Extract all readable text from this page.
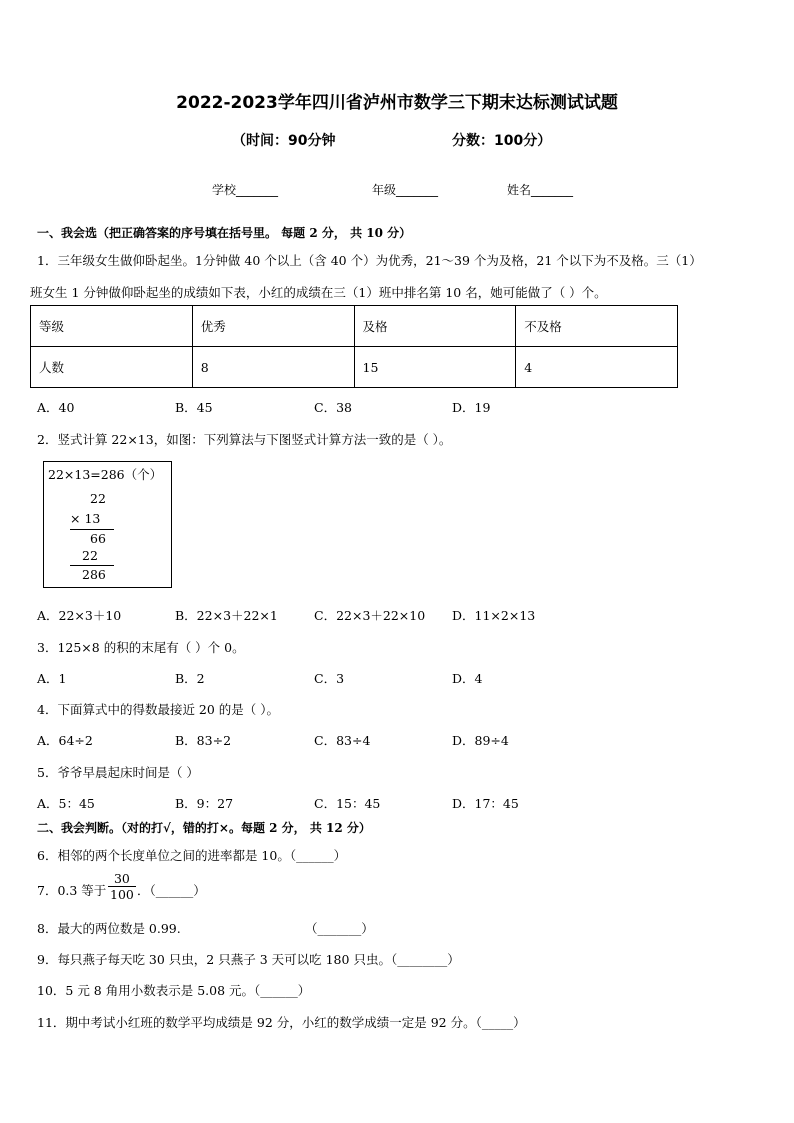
2022-2023学年四川省泸州市数学三下期末达标测试试题
（时间：90分钟	分数：100分）
学校_______	年级_______	姓名_______
一、我会选（把正确答案的序号填在括号里。 每题 2 分， 共 10 分）
1．三年级女生做仰卧起坐。1分钟做 40 个以上（含 40 个）为优秀，21～39 个为及格，21 个以下为不及格。三（1）
班女生 1 分钟做仰卧起坐的成绩如下表，小红的成绩在三（1）班中排名第 10 名，她可能做了（ ）个。
等级	优秀	及格	不及格
人数	8	15	4
A．40	B．45	C．38	D．19
2．竖式计算 22×13，如图：下列算法与下图竖式计算方法一致的是（ ）。
22×13=286（个）
22
× 13
66
22
286
A．22×3＋10	B．22×3＋22×1	C．22×3＋22×10 D．11×2×13
3．125×8 的积的末尾有（ ）个 0。
A．1	B．2	C．3	D．4
4．下面算式中的得数最接近 20 的是（ ）。
A．64÷2	B．83÷2	C．83÷4	D．89÷4
5．爷爷早晨起床时间是（ ）
A．5：45	B．9：27	C．15：45	D．17：45
二、我会判断。（对的打√，错的打×。每题 2 分， 共 12 分）
6．相邻的两个长度单位之间的进率都是 10。（______）
7．0.3 等于 $\frac{30}{100}$ ．（______）
8．最大的两位数是 0.99.	（_______）
9．每只燕子每天吃 30 只虫，2 只燕子 3 天可以吃 180 只虫。（________）
10．5 元 8 角用小数表示是 5.08 元。（______）
11．期中考试小红班的数学平均成绩是 92 分，小红的数学成绩一定是 92 分。（_____）
